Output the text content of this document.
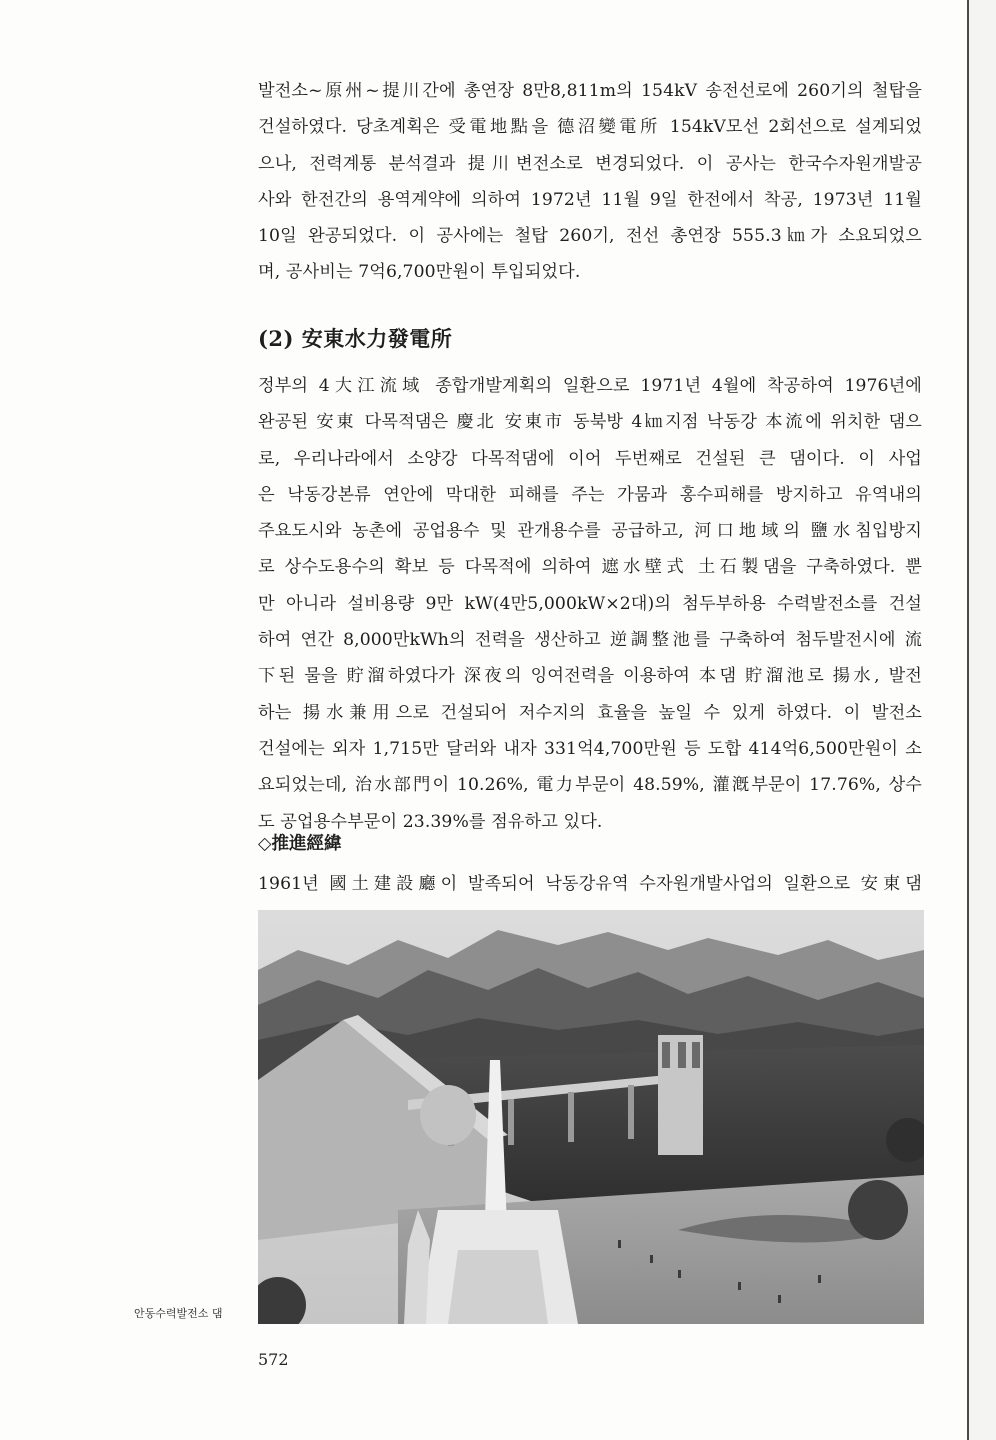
발전소~原州~提川간에 총연장 8만8,811m의 154kV 송전선로에 260기의 철탑을
건설하였다. 당초계획은 受電地點을 德沼變電所 154kV모선 2회선으로 설계되었
으나, 전력계통 분석결과 提川변전소로 변경되었다. 이 공사는 한국수자원개발공
사와 한전간의 용역계약에 의하여 1972년 11월 9일 한전에서 착공, 1973년 11월
10일 완공되었다. 이 공사에는 철탑 260기, 전선 총연장 555.3㎞가 소요되었으
며, 공사비는 7억6,700만원이 투입되었다.
(2) 安東水力發電所
정부의 4大江流域 종합개발계획의 일환으로 1971년 4월에 착공하여 1976년에
완공된 安東 다목적댐은 慶北 安東市 동북방 4㎞지점 낙동강 本流에 위치한 댐으
로, 우리나라에서 소양강 다목적댐에 이어 두번째로 건설된 큰 댐이다. 이 사업
은 낙동강본류 연안에 막대한 피해를 주는 가뭄과 홍수피해를 방지하고 유역내의
주요도시와 농촌에 공업용수 및 관개용수를 공급하고, 河口地域의 鹽水침입방지
로 상수도용수의 확보 등 다목적에 의하여 遮水壁式 土石製댐을 구축하였다. 뿐
만 아니라 설비용량 9만 kW(4만5,000kW×2대)의 첨두부하용 수력발전소를 건설
하여 연간 8,000만kWh의 전력을 생산하고 逆調整池를 구축하여 첨두발전시에 流
下된 물을 貯溜하였다가 深夜의 잉여전력을 이용하여 本댐 貯溜池로 揚水, 발전
하는 揚水兼用으로 건설되어 저수지의 효율을 높일 수 있게 하였다. 이 발전소
건설에는 외자 1,715만 달러와 내자 331억4,700만원 등 도합 414억6,500만원이 소
요되었는데, 治水部門이 10.26%, 電力부문이 48.59%, 灌漑부문이 17.76%, 상수
도 공업용수부문이 23.39%를 점유하고 있다.
◇推進經緯
1961년 國土建設廳이 발족되어 낙동강유역 수자원개발사업의 일환으로 安東댐

안동수력발전소 댐

572
